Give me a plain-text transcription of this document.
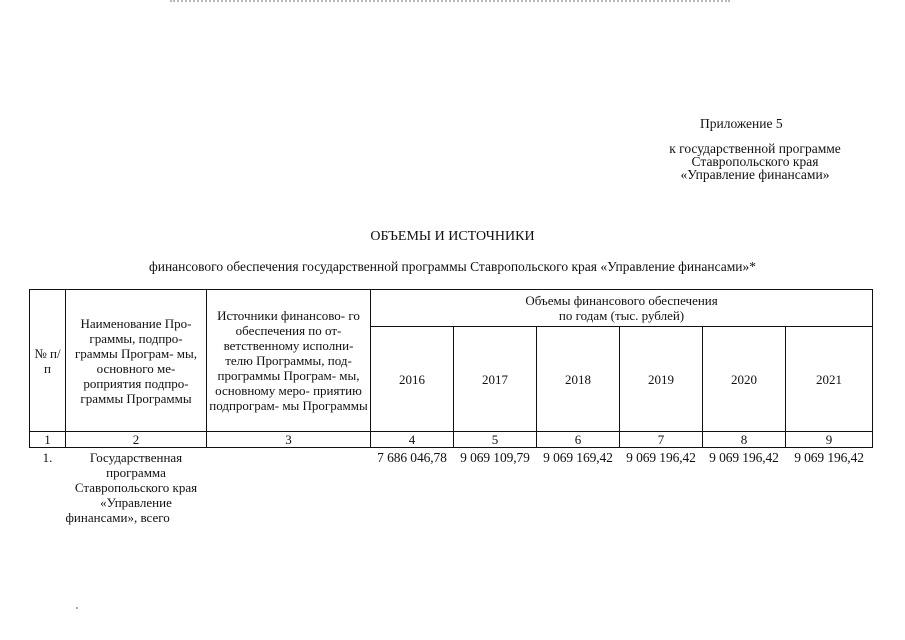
Приложение 5
к государственной программе
Ставропольского края
«Управление финансами»
ОБЪЕМЫ И ИСТОЧНИКИ
финансового обеспечения государственной программы Ставропольского края «Управление финансами»*
№ п/п	Наименование Про- граммы, подпро- граммы Програм- мы, основного ме- роприятия подпро- граммы Программы	Источники финансово- го обеспечения по от- ветственному исполни- телю Программы, под- программы Програм- мы, основному меро- приятию подпрограм- мы Программы	Объемы финансового обеспечения по годам (тыс. рублей)					

			2016	2017	2018	2019	2020	2021
1	2	3	4	5	6	7	8	9
1.	Государственная программа Ставропольского края «Управление финансами», всего		7 686 046,78	9 069 109,79	9 069 169,42	9 069 196,42	9 069 196,42	9 069 196,42
